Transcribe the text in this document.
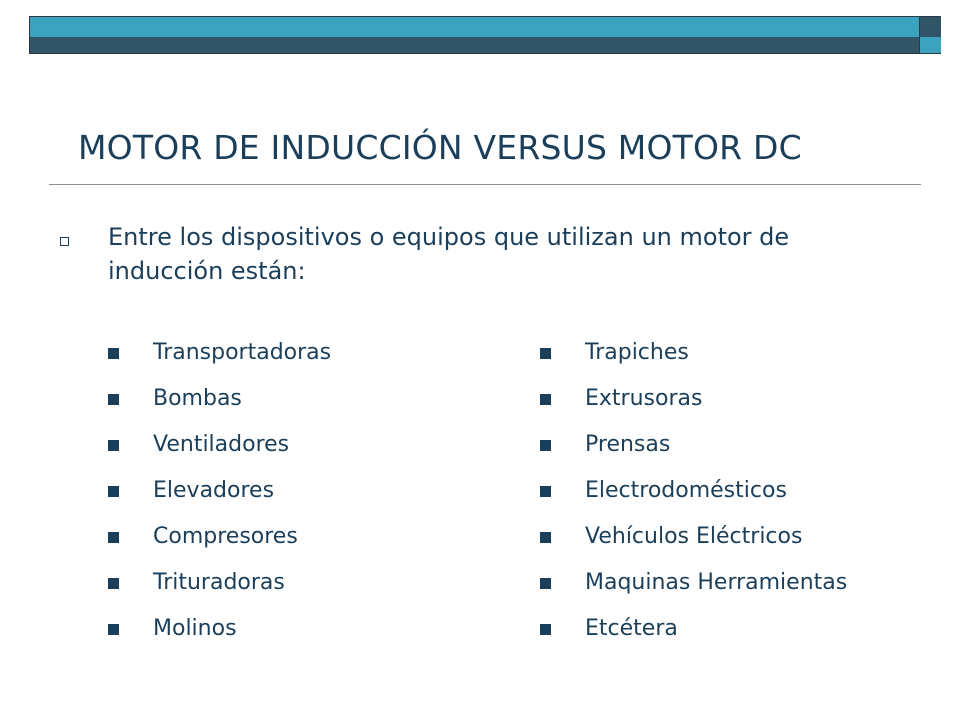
MOTOR DE INDUCCIÓN VERSUS MOTOR DC
Entre los dispositivos o equipos que utilizan un motor de inducción están:
Transportadoras
Bombas
Ventiladores
Elevadores
Compresores
Trituradoras
Molinos
Trapiches
Extrusoras
Prensas
Electrodomésticos
Vehículos Eléctricos
Maquinas Herramientas
Etcétera
